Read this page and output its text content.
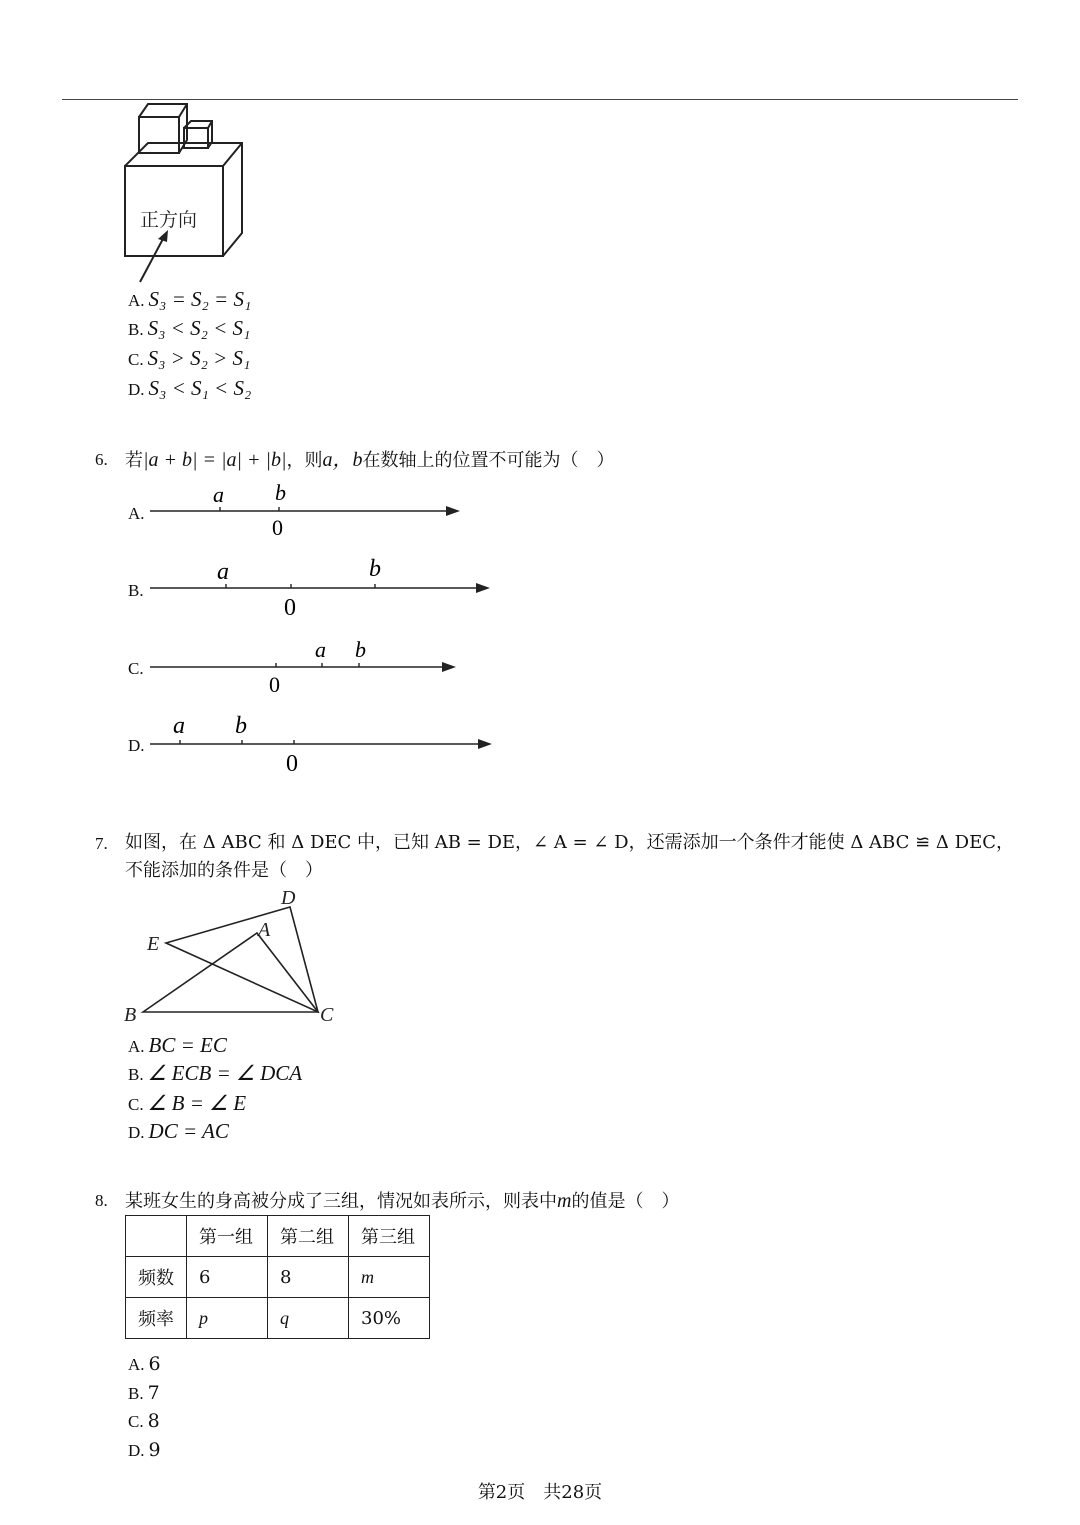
正方向
A. S₃ = S₂ = S₁
B. S₃ < S₂ < S₁
C. S₃ > S₂ > S₁
D. S₃ < S₁ < S₂
6. 若|a + b| = |a| + |b|，则a，b在数轴上的位置不可能为（　）
A.
a b
0
B.
a	b
0
C.
a b
0
D.
a b
0
7. 如图，在 Δ ABC 和 Δ DEC 中，已知 AB = DE，∠ A = ∠ D，还需添加一个条件才能使 Δ ABC ≌ Δ DEC，
不能添加的条件是（　）
D
E
A
B	C
A. BC = EC
B. ∠ ECB = ∠ DCA
C. ∠ B = ∠ E
D. DC = AC
8. 某班女生的身高被分成了三组，情况如表所示，则表中m的值是（　）
	第一组	第二组	第三组
频数	6	8	m
频率	p	q	30%
A. 6
B. 7
C. 8
D. 9
第2页　共28页
